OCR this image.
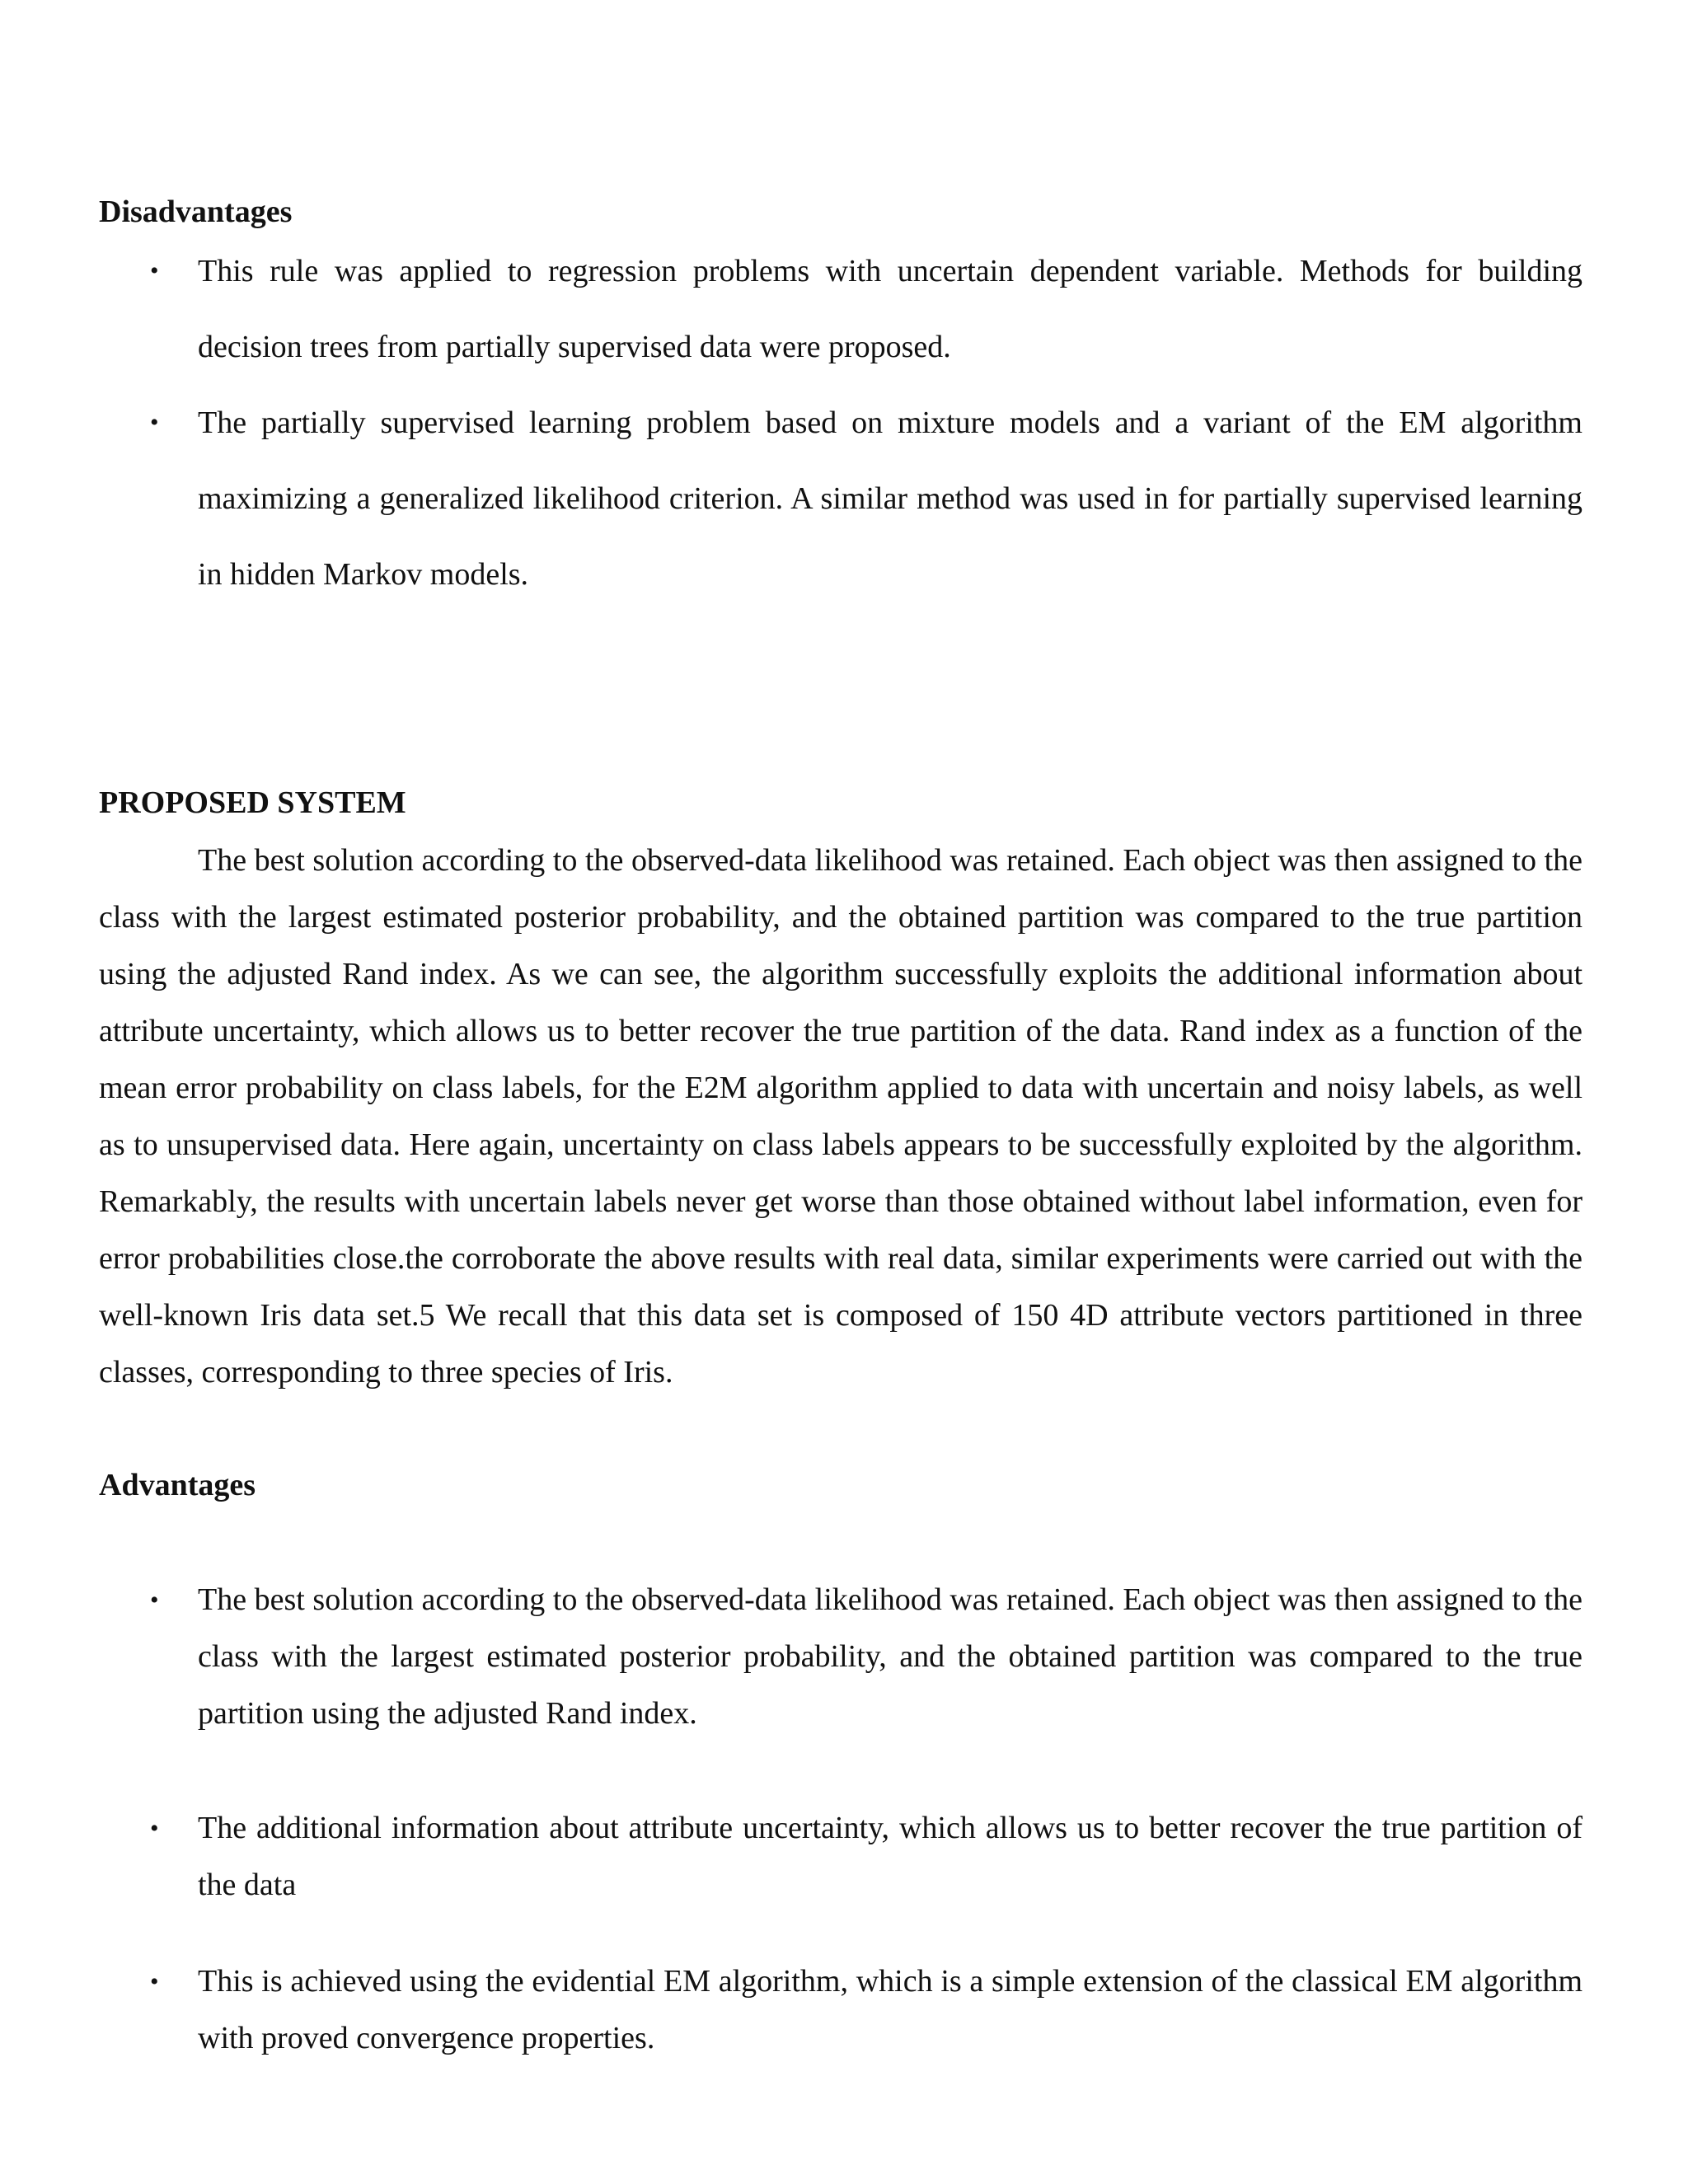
Disadvantages
• This rule was applied to regression problems with uncertain dependent variable. Methods for building decision trees from partially supervised data were proposed.
• The partially supervised learning problem based on mixture models and a variant of the EM algorithm maximizing a generalized likelihood criterion. A similar method was used in for partially supervised learning in hidden Markov models.
PROPOSED SYSTEM

The best solution according to the observed-data likelihood was retained. Each object was then assigned to the class with the largest estimated posterior probability, and the obtained partition was compared to the true partition using the adjusted Rand index. As we can see, the algorithm successfully exploits the additional information about attribute uncertainty, which allows us to better recover the true partition of the data. Rand index as a function of the mean error probability on class labels, for the E2M algorithm applied to data with uncertain and noisy labels, as well as to unsupervised data. Here again, uncertainty on class labels appears to be successfully exploited by the algorithm. Remarkably, the results with uncertain labels never get worse than those obtained without label information, even for error probabilities close.the corroborate the above results with real data, similar experiments were carried out with the well-known Iris data set.5 We recall that this data set is composed of 150 4D attribute vectors partitioned in three classes, corresponding to three species of Iris.

Advantages
• The best solution according to the observed-data likelihood was retained. Each object was then assigned to the class with the largest estimated posterior probability, and the obtained partition was compared to the true partition using the adjusted Rand index.
• The additional information about attribute uncertainty, which allows us to better recover the true partition of the data
• This is achieved using the evidential EM algorithm, which is a simple extension of the classical EM algorithm with proved convergence properties.
